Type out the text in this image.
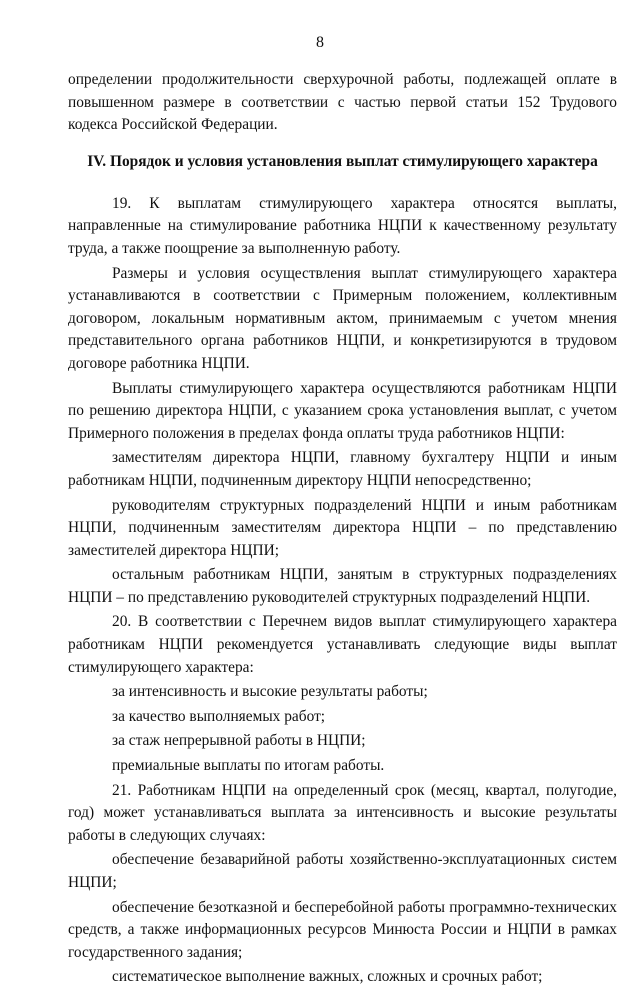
8

определении продолжительности сверхурочной работы, подлежащей оплате в повышенном размере в соответствии с частью первой статьи 152 Трудового кодекса Российской Федерации.

IV. Порядок и условия установления выплат стимулирующего характера

19. К выплатам стимулирующего характера относятся выплаты, направленные на стимулирование работника НЦПИ к качественному результату труда, а также поощрение за выполненную работу.

Размеры и условия осуществления выплат стимулирующего характера устанавливаются в соответствии с Примерным положением, коллективным договором, локальным нормативным актом, принимаемым с учетом мнения представительного органа работников НЦПИ, и конкретизируются в трудовом договоре работника НЦПИ.

Выплаты стимулирующего характера осуществляются работникам НЦПИ по решению директора НЦПИ, с указанием срока установления выплат, с учетом Примерного положения в пределах фонда оплаты труда работников НЦПИ:

заместителям директора НЦПИ, главному бухгалтеру НЦПИ и иным работникам НЦПИ, подчиненным директору НЦПИ непосредственно;

руководителям структурных подразделений НЦПИ и иным работникам НЦПИ, подчиненным заместителям директора НЦПИ – по представлению заместителей директора НЦПИ;

остальным работникам НЦПИ, занятым в структурных подразделениях НЦПИ – по представлению руководителей структурных подразделений НЦПИ.

20. В соответствии с Перечнем видов выплат стимулирующего характера работникам НЦПИ рекомендуется устанавливать следующие виды выплат стимулирующего характера:

за интенсивность и высокие результаты работы;

за качество выполняемых работ;

за стаж непрерывной работы в НЦПИ;

премиальные выплаты по итогам работы.

21. Работникам НЦПИ на определенный срок (месяц, квартал, полугодие, год) может устанавливаться выплата за интенсивность и высокие результаты работы в следующих случаях:

обеспечение безаварийной работы хозяйственно-эксплуатационных систем НЦПИ;

обеспечение безотказной и бесперебойной работы программно-технических средств, а также информационных ресурсов Минюста России и НЦПИ в рамках государственного задания;

систематическое выполнение важных, сложных и срочных работ;
